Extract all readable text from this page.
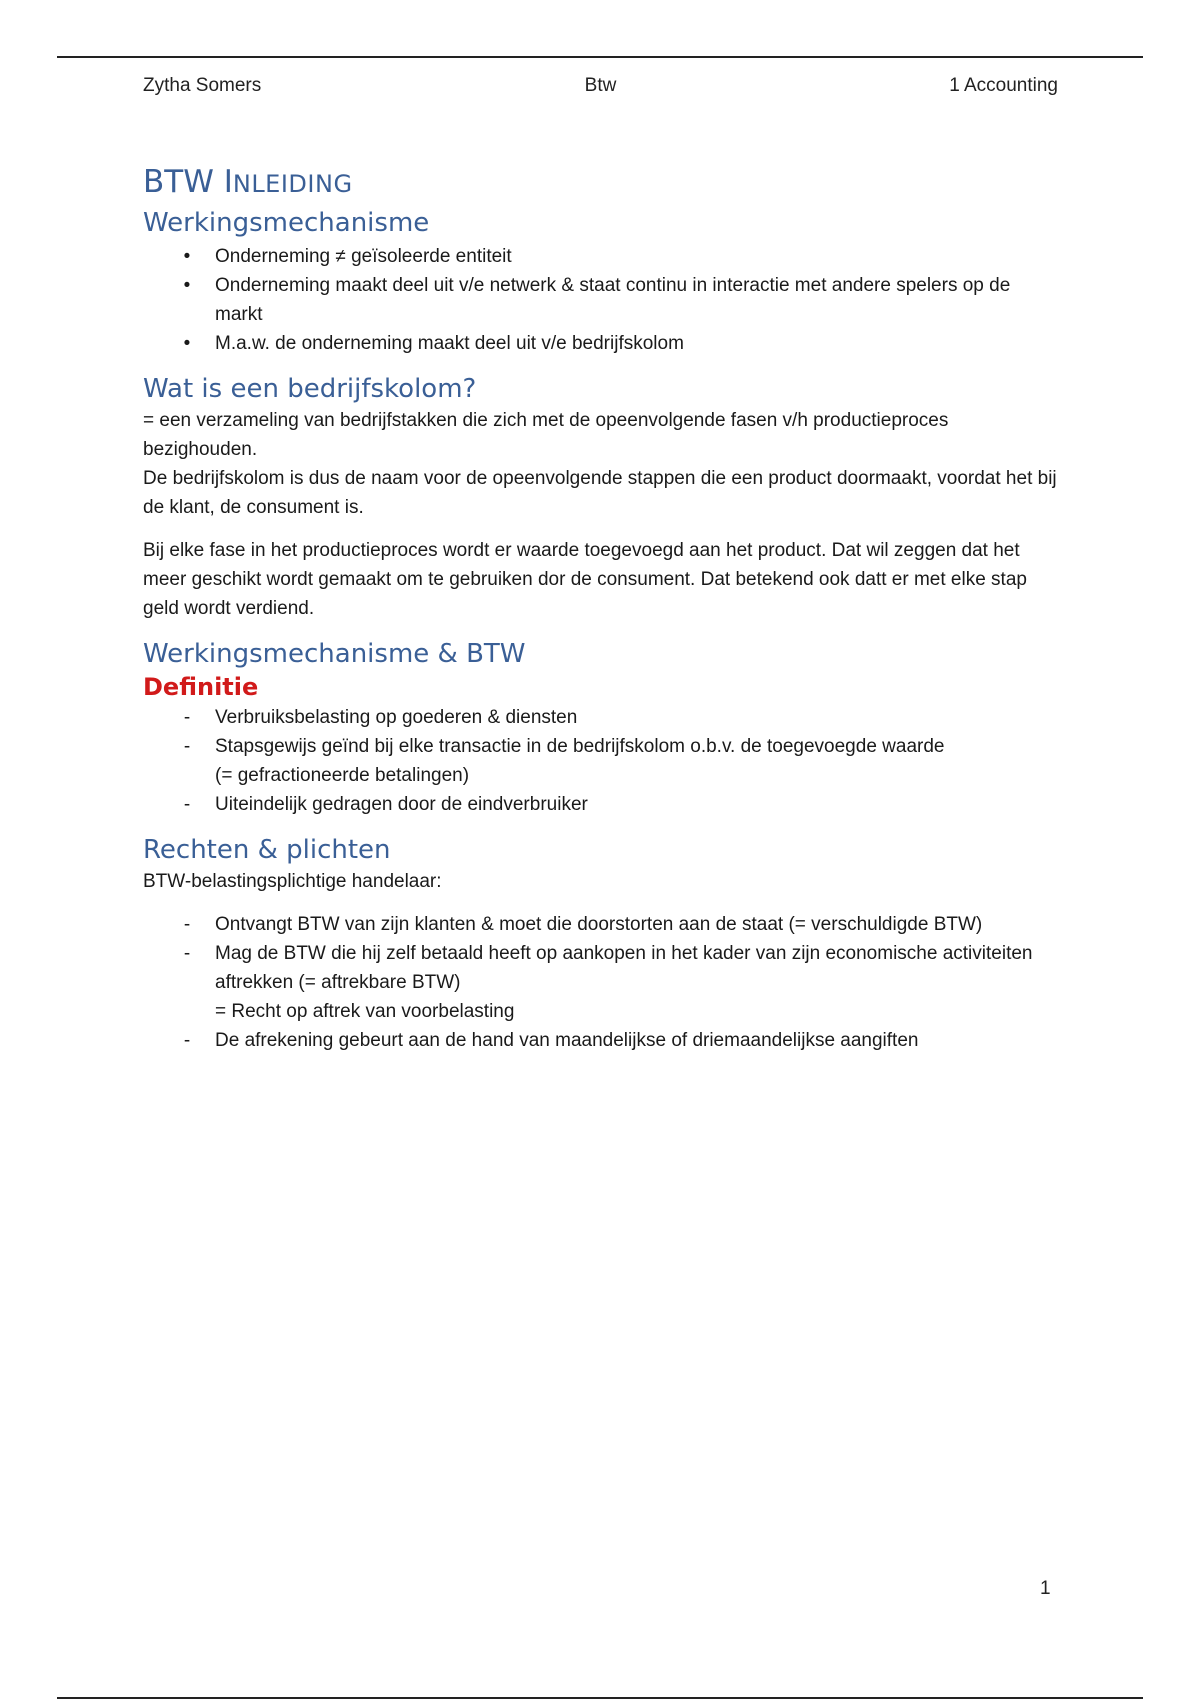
Zytha Somers	Btw	1 Accounting
BTW INLEIDING
Werkingsmechanisme
• Onderneming ≠ geïsoleerde entiteit
• Onderneming maakt deel uit v/e netwerk & staat continu in interactie met andere spelers op de markt
• M.a.w. de onderneming maakt deel uit v/e bedrijfskolom
Wat is een bedrijfskolom?

= een verzameling van bedrijfstakken die zich met de opeenvolgende fasen v/h productieproces bezighouden.
De bedrijfskolom is dus de naam voor de opeenvolgende stappen die een product doormaakt, voordat het bij de klant, de consument is.

Bij elke fase in het productieproces wordt er waarde toegevoegd aan het product. Dat wil zeggen dat het meer geschikt wordt gemaakt om te gebruiken dor de consument. Dat betekend ook datt er met elke stap geld wordt verdiend.

Werkingsmechanisme & BTW
Definitie
- Verbruiksbelasting op goederen & diensten
- Stapsgewijs geïnd bij elke transactie in de bedrijfskolom o.b.v. de toegevoegde waarde
(= gefractioneerde betalingen)
- Uiteindelijk gedragen door de eindverbruiker
Rechten & plichten

BTW-belastingsplichtige handelaar:

- Ontvangt BTW van zijn klanten & moet die doorstorten aan de staat (= verschuldigde BTW)
- Mag de BTW die hij zelf betaald heeft op aankopen in het kader van zijn economische activiteiten aftrekken (= aftrekbare BTW)
= Recht op aftrek van voorbelasting
- De afrekening gebeurt aan de hand van maandelijkse of driemaandelijkse aangiften
1
